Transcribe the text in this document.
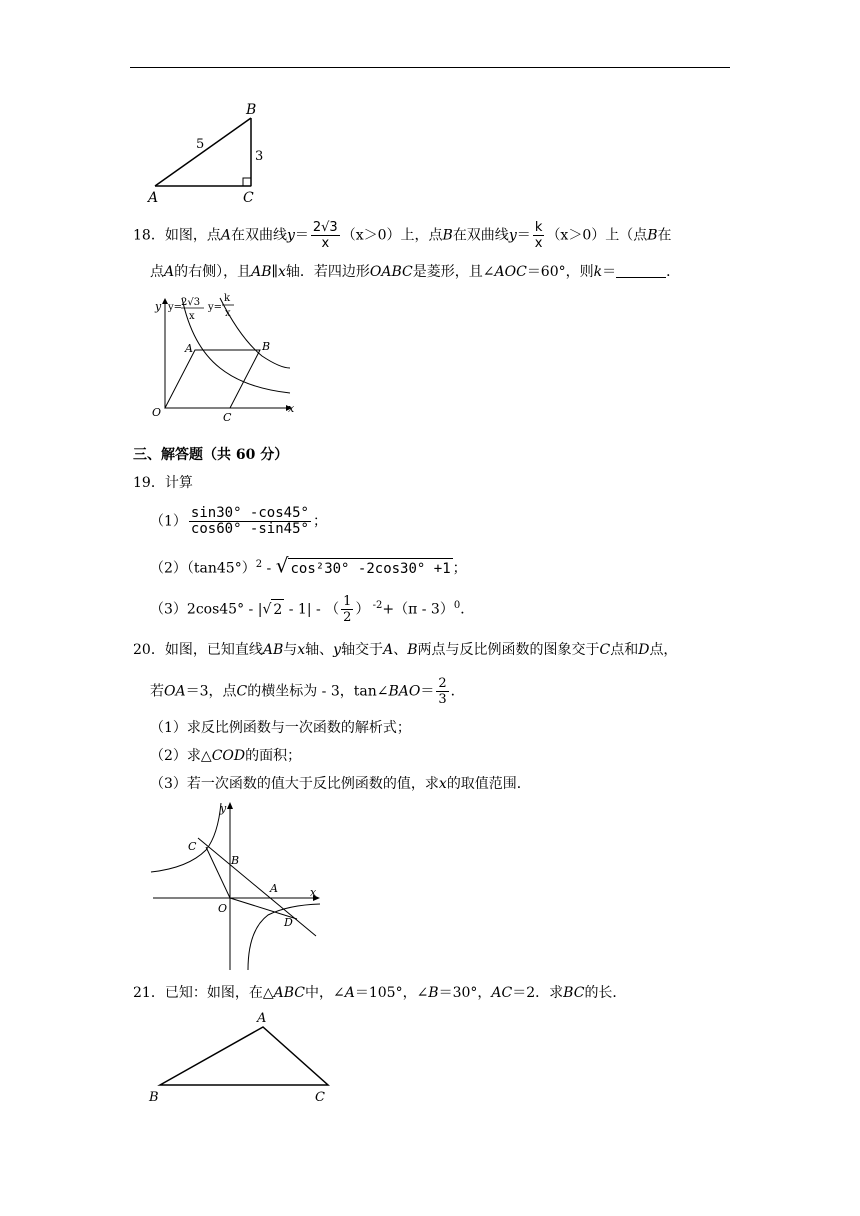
A
B
C
5
3
18．如图，点A在双曲线$y= \frac{2√3}{x} (x>0)$上，点B在双曲线$y= \frac{k}{x} (x>0)$上（点B在
点A的右侧），且AB∥x轴．若四边形OABC是菱形，且∠AOC＝60°，则k＝	．
y
x
O
A	B
C
y=
2√3
x
y=
k
x
三、解答题（共 60 分）
19．计算
$(1) \frac{\sin 30^\circ -\cos 45^\circ}{\cos 60^\circ -\sin 45^\circ}$ ；
$(2)(\tan 45^\circ)^2$ - √ cos²30° -2cos30° +1 ；
（3）2cos45° - |√ 2 - 1| - （ $\frac{1}{2}$ ） $^{-2}$+（π - 3）$^0$．
20．如图，已知直线AB与x轴、y轴交于A、B两点与反比例函数的图象交于C点和D点，
若OA＝3，点C的横坐标为 - 3，tan∠BAO＝ $\frac{2}{3}$ ．
（1）求反比例函数与一次函数的解析式；
（2）求△COD的面积；
（3）若一次函数的值大于反比例函数的值，求x的取值范围．
y
x
O
A
B
C
D
21．已知：如图，在△ABC中，∠A＝105°，∠B＝30°，AC＝2．求BC的长．
A
B	C
